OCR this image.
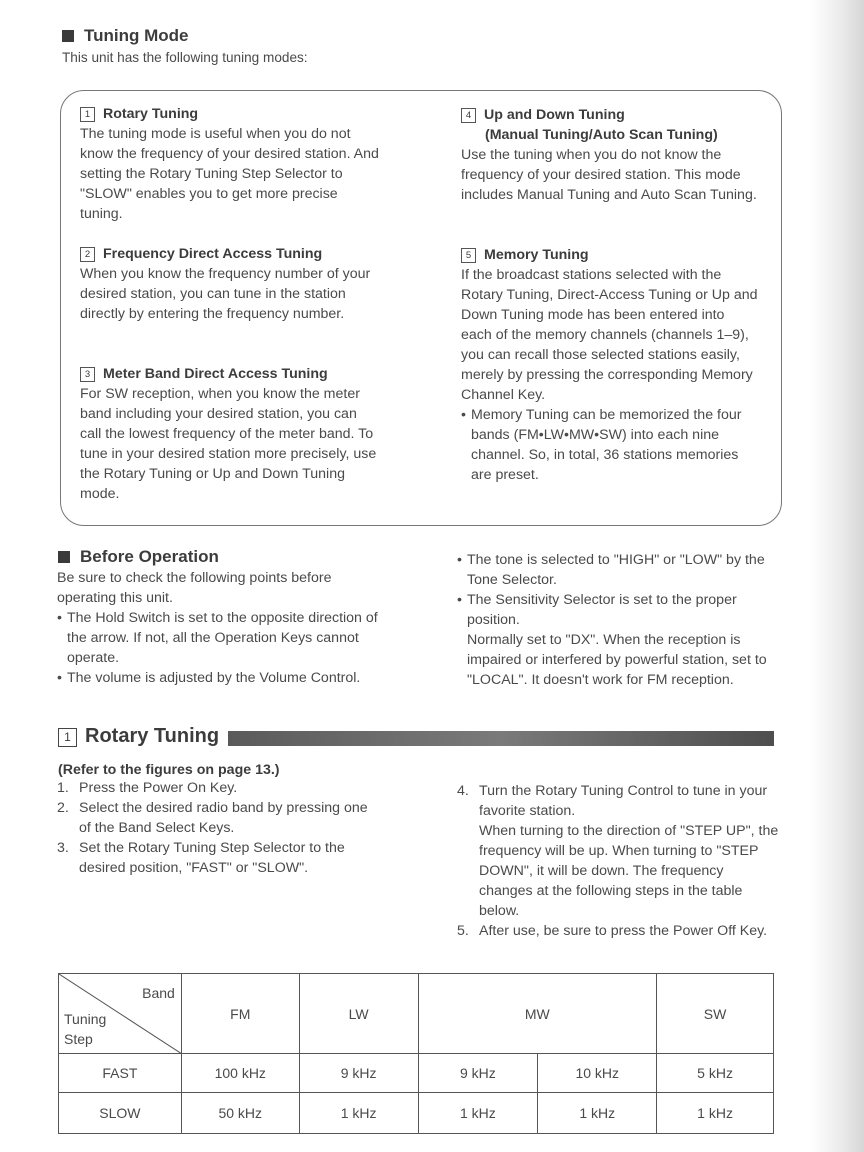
Tuning Mode

This unit has the following tuning modes:

1 Rotary Tuning
The tuning mode is useful when you do not know the frequency of your desired station. And setting the Rotary Tuning Step Selector to "SLOW" enables you to get more precise tuning.
2 Frequency Direct Access Tuning
When you know the frequency number of your desired station, you can tune in the station directly by entering the frequency number.
3 Meter Band Direct Access Tuning
For SW reception, when you know the meter band including your desired station, you can call the lowest frequency of the meter band. To tune in your desired station more precisely, use the Rotary Tuning or Up and Down Tuning mode.
4 Up and Down Tuning
(Manual Tuning/Auto Scan Tuning)
Use the tuning when you do not know the frequency of your desired station. This mode includes Manual Tuning and Auto Scan Tuning.
5 Memory Tuning
If the broadcast stations selected with the Rotary Tuning, Direct-Access Tuning or Up and Down Tuning mode has been entered into each of the memory channels (channels 1–9), you can recall those selected stations easily, merely by pressing the corresponding Memory Channel Key.
• Memory Tuning can be memorized the four bands (FM•LW•MW•SW) into each nine channel. So, in total, 36 stations memories are preset.
Before Operation
Be sure to check the following points before operating this unit.
• The Hold Switch is set to the opposite direction of the arrow. If not, all the Operation Keys cannot operate.
• The volume is adjusted by the Volume Control.
• The tone is selected to "HIGH" or "LOW" by the Tone Selector.
• The Sensitivity Selector is set to the proper position.
Normally set to "DX". When the reception is impaired or interfered by powerful station, set to "LOCAL". It doesn't work for FM reception.
1 Rotary Tuning
(Refer to the figures on page 13.)
1. Press the Power On Key.
2. Select the desired radio band by pressing one of the Band Select Keys.
3. Set the Rotary Tuning Step Selector to the desired position, "FAST" or "SLOW".
4. Turn the Rotary Tuning Control to tune in your favorite station.
When turning to the direction of "STEP UP", the frequency will be up. When turning to "STEP DOWN", it will be down. The frequency changes at the following steps in the table below.
5. After use, be sure to press the Power Off Key.
Band
Tuning Step	FM	LW	MW		SW
FAST	100 kHz	9 kHz	9 kHz	10 kHz	5 kHz
SLOW	50 kHz	1 kHz	1 kHz	1 kHz	1 kHz
